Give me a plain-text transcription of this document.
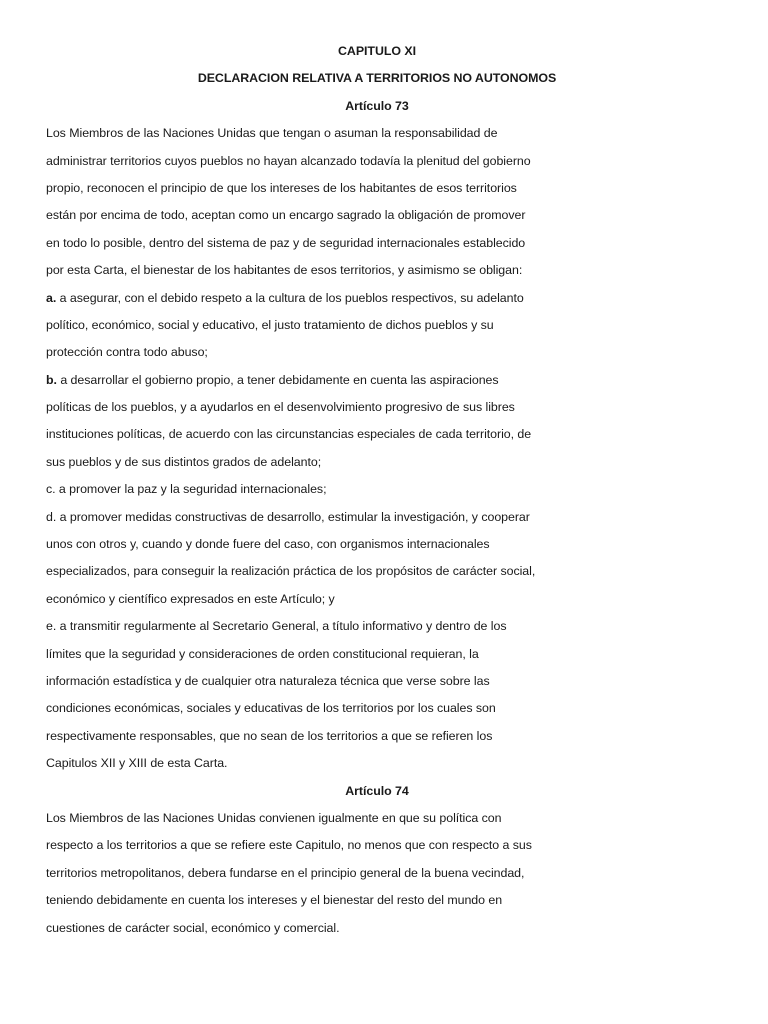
CAPITULO XI
DECLARACION RELATIVA A TERRITORIOS NO AUTONOMOS
Artículo 73
Los Miembros de las Naciones Unidas que tengan o asuman la responsabilidad de
administrar territorios cuyos pueblos no hayan alcanzado todavía la plenitud del gobierno
propio, reconocen el principio de que los intereses de los habitantes de esos territorios
están por encima de todo, aceptan como un encargo sagrado la obligación de promover
en todo lo posible, dentro del sistema de paz y de seguridad internacionales establecido
por esta Carta, el bienestar de los habitantes de esos territorios, y asimismo se obligan:
a. a asegurar, con el debido respeto a la cultura de los pueblos respectivos, su adelanto
político, económico, social y educativo, el justo tratamiento de dichos pueblos y su
protección contra todo abuso;
b. a desarrollar el gobierno propio, a tener debidamente en cuenta las aspiraciones
políticas de los pueblos, y a ayudarlos en el desenvolvimiento progresivo de sus libres
instituciones políticas, de acuerdo con las circunstancias especiales de cada territorio, de
sus pueblos y de sus distintos grados de adelanto;
c. a promover la paz y la seguridad internacionales;
d. a promover medidas constructivas de desarrollo, estimular la investigación, y cooperar
unos con otros y, cuando y donde fuere del caso, con organismos internacionales
especializados, para conseguir la realización práctica de los propósitos de carácter social,
económico y científico expresados en este Artículo; y
e. a transmitir regularmente al Secretario General, a título informativo y dentro de los
límites que la seguridad y consideraciones de orden constitucional requieran, la
información estadística y de cualquier otra naturaleza técnica que verse sobre las
condiciones económicas, sociales y educativas de los territorios por los cuales son
respectivamente responsables, que no sean de los territorios a que se refieren los
Capitulos XII y XIII de esta Carta.
Artículo 74
Los Miembros de las Naciones Unidas convienen igualmente en que su política con
respecto a los territorios a que se refiere este Capitulo, no menos que con respecto a sus
territorios metropolitanos, debera fundarse en el principio general de la buena vecindad,
teniendo debidamente en cuenta los intereses y el bienestar del resto del mundo en
cuestiones de carácter social, económico y comercial.
